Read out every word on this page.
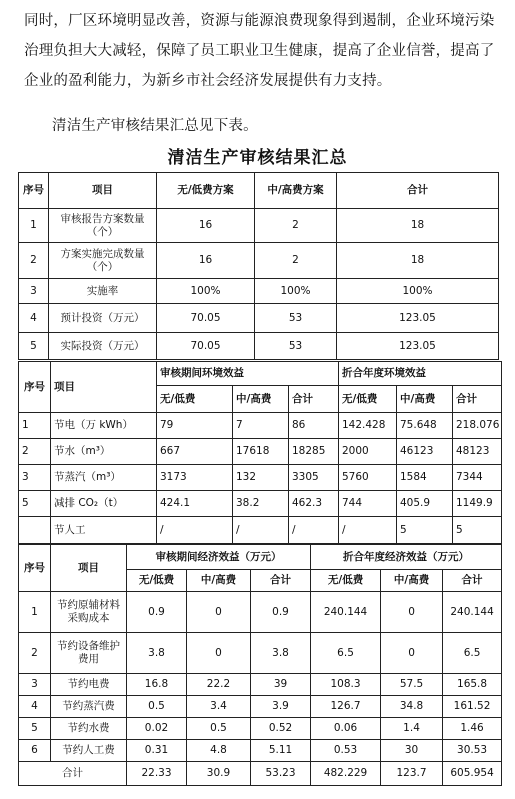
同时，厂区环境明显改善，资源与能源浪费现象得到遏制，企业环境污染治理负担大大减轻，保障了员工职业卫生健康，提高了企业信誉，提高了企业的盈利能力，为新乡市社会经济发展提供有力支持。
清洁生产审核结果汇总见下表。
清洁生产审核结果汇总
序号	项目	无/低费方案	中/高费方案	合计
1	审核报告方案数量（个）	16	2	18
2	方案实施完成数量（个）	16	2	18
3	实施率	100%	100%	100%
4	预计投资（万元）	70.05	53	123.05
5	实际投资（万元）	70.05	53	123.05
序号	项目	审核期间环境效益			折合年度环境效益		
		无/低费	中/高费	合计	无/低费	中/高费	合计
1	节电（万 kWh）	79	7	86	142.428	75.648	218.076
2	节水（m³）	667	17618	18285	2000	46123	48123
3	节蒸汽（m³）	3173	132	3305	5760	1584	7344
5	减排 CO₂（t）	424.1	38.2	462.3	744	405.9	1149.9
	节人工	/	/	/	/	5	5
序号	项目	审核期间经济效益（万元）			折合年度经济效益（万元）		
		无/低费	中/高费	合计	无/低费	中/高费	合计
1	节约原辅材料采购成本	0.9	0	0.9	240.144	0	240.144
2	节约设备维护费用	3.8	0	3.8	6.5	0	6.5
3	节约电费	16.8	22.2	39	108.3	57.5	165.8
4	节约蒸汽费	0.5	3.4	3.9	126.7	34.8	161.52
5	节约水费	0.02	0.5	0.52	0.06	1.4	1.46
6	节约人工费	0.31	4.8	5.11	0.53	30	30.53
合计		22.33	30.9	53.23	482.229	123.7	605.954
